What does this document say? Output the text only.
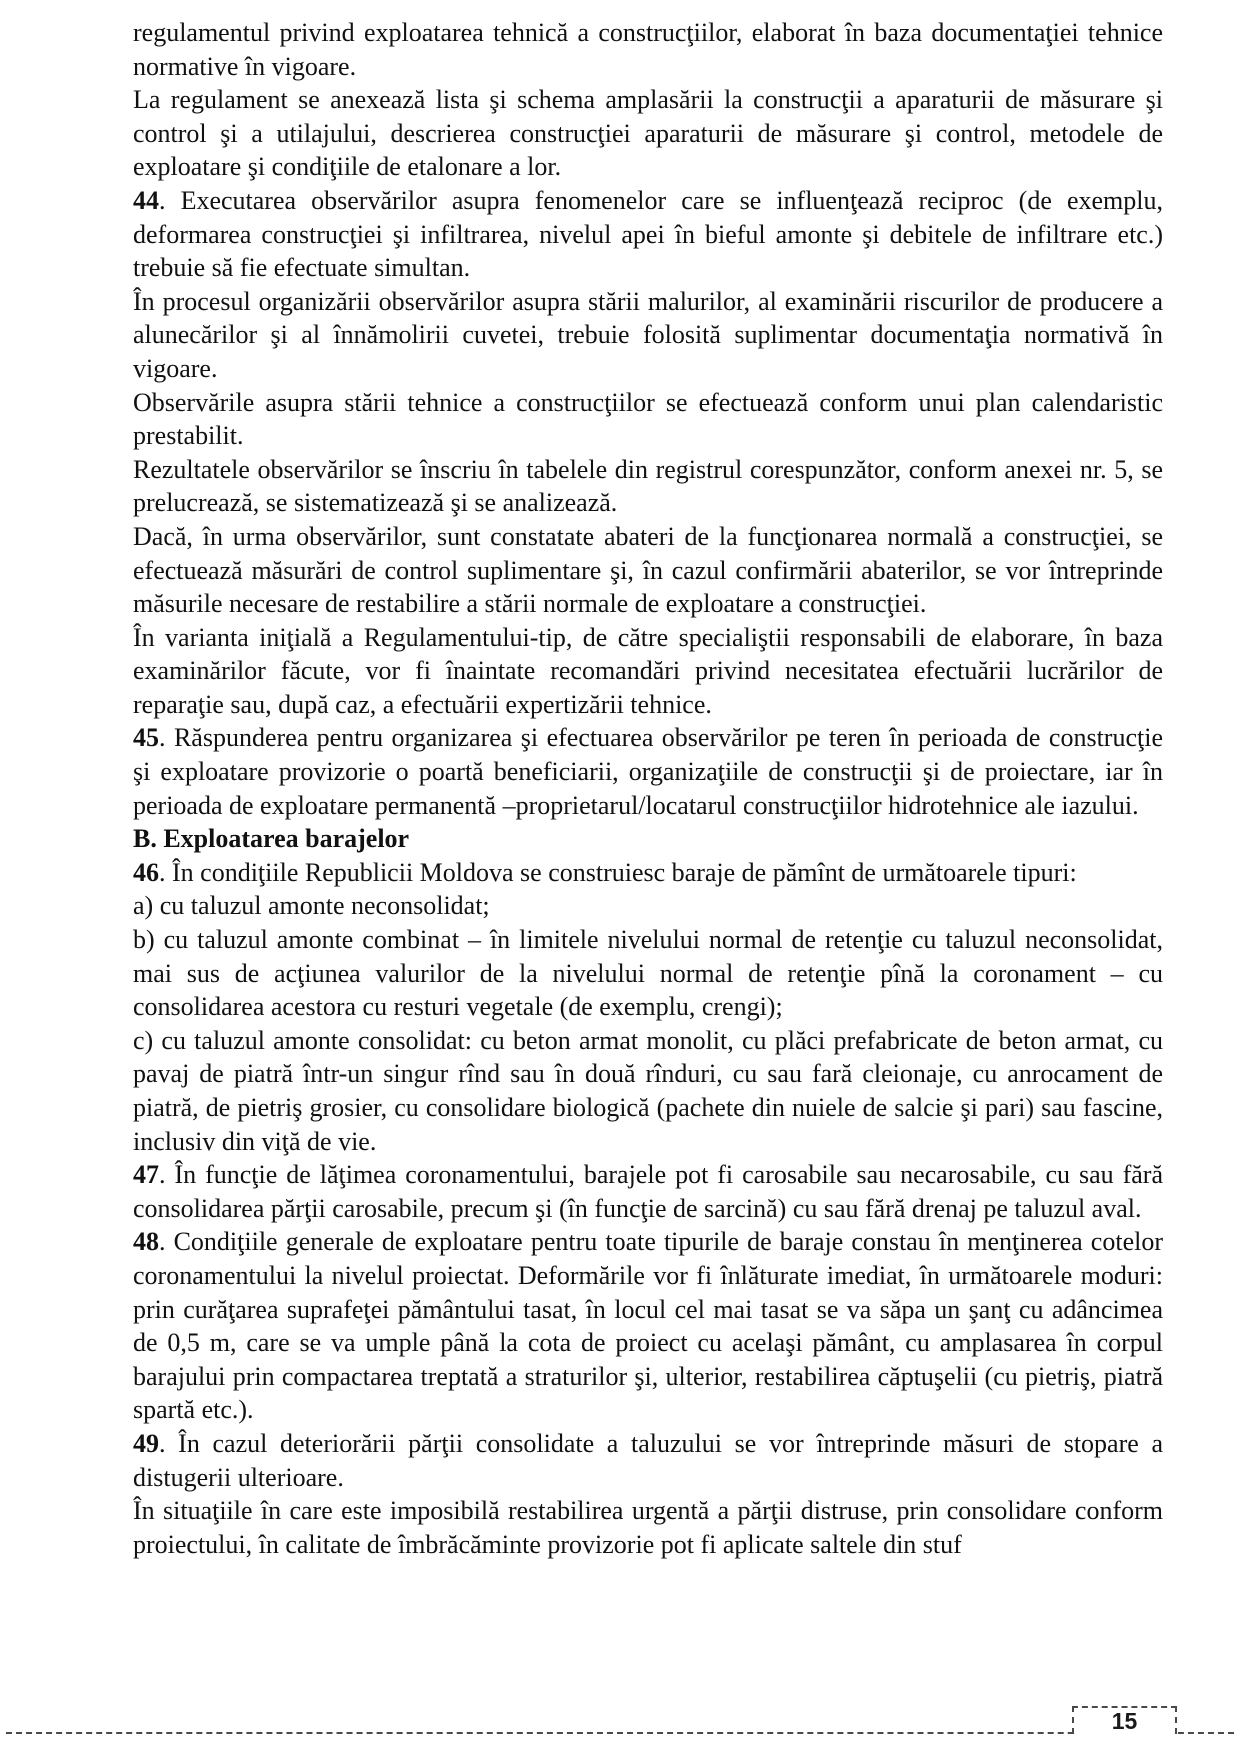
regulamentul privind exploatarea tehnică a construcţiilor, elaborat în baza documentaţiei tehnice normative în vigoare.

La regulament se anexează lista şi schema amplasării la construcţii a aparaturii de măsurare şi control şi a utilajului, descrierea construcţiei aparaturii de măsurare şi control, metodele de exploatare şi condiţiile de etalonare a lor.

44. Executarea observărilor asupra fenomenelor care se influenţează reciproc (de exemplu, deformarea construcţiei şi infiltrarea, nivelul apei în bieful amonte şi debitele de infiltrare etc.) trebuie să fie efectuate simultan.

În procesul organizării observărilor asupra stării malurilor, al examinării riscurilor de producere a alunecărilor şi al înnămolirii cuvetei, trebuie folosită suplimentar documentaţia normativă în vigoare.

Observările asupra stării tehnice a construcţiilor se efectuează conform unui plan calendaristic prestabilit.

Rezultatele observărilor se înscriu în tabelele din registrul corespunzător, conform anexei nr. 5, se prelucrează, se sistematizează şi se analizează.

Dacă, în urma observărilor, sunt constatate abateri de la funcţionarea normală a construcţiei, se efectuează măsurări de control suplimentare şi, în cazul confirmării abaterilor, se vor întreprinde măsurile necesare de restabilire a stării normale de exploatare a construcţiei.

În varianta iniţială a Regulamentului-tip, de către specialiştii responsabili de elaborare, în baza examinărilor făcute, vor fi înaintate recomandări privind necesitatea efectuării lucrărilor de reparaţie sau, după caz, a efectuării expertizării tehnice.

45. Răspunderea pentru organizarea şi efectuarea observărilor pe teren în perioada de construcţie şi exploatare provizorie o poartă beneficiarii, organizaţiile de construcţii şi de proiectare, iar în perioada de exploatare permanentă –proprietarul/locatarul construcţiilor hidrotehnice ale iazului.

B. Exploatarea barajelor

46. În condiţiile Republicii Moldova se construiesc baraje de pămînt de următoarele tipuri:

a) cu taluzul amonte neconsolidat;

b) cu taluzul amonte combinat – în limitele nivelului normal de retenţie cu taluzul neconsolidat, mai sus de acţiunea valurilor de la nivelului normal de retenţie pînă la coronament – cu consolidarea acestora cu resturi vegetale (de exemplu, crengi);

c) cu taluzul amonte consolidat: cu beton armat monolit, cu plăci prefabricate de beton armat, cu pavaj de piatră într-un singur rînd sau în două rînduri, cu sau fară cleionaje, cu anrocament de piatră, de pietriş grosier, cu consolidare biologică (pachete din nuiele de salcie şi pari) sau fascine, inclusiv din viţă de vie.

47. În funcţie de lăţimea coronamentului, barajele pot fi carosabile sau necarosabile, cu sau fără consolidarea părţii carosabile, precum şi (în funcţie de sarcină) cu sau fără drenaj pe taluzul aval.

48. Condiţiile generale de exploatare pentru toate tipurile de baraje constau în menţinerea cotelor coronamentului la nivelul proiectat. Deformările vor fi înlăturate imediat, în următoarele moduri: prin curăţarea suprafeţei pământului tasat, în locul cel mai tasat se va săpa un şanţ cu adâncimea de 0,5 m, care se va umple până la cota de proiect cu acelaşi pământ, cu amplasarea în corpul barajului prin compactarea treptată a straturilor şi, ulterior, restabilirea căptuşelii (cu pietriş, piatră spartă etc.).

49. În cazul deteriorării părţii consolidate a taluzului se vor întreprinde măsuri de stopare a distugerii ulterioare.

În situaţiile în care este imposibilă restabilirea urgentă a părţii distruse, prin consolidare conform proiectului, în calitate de îmbrăcăminte provizorie pot fi aplicate saltele din stuf

15
